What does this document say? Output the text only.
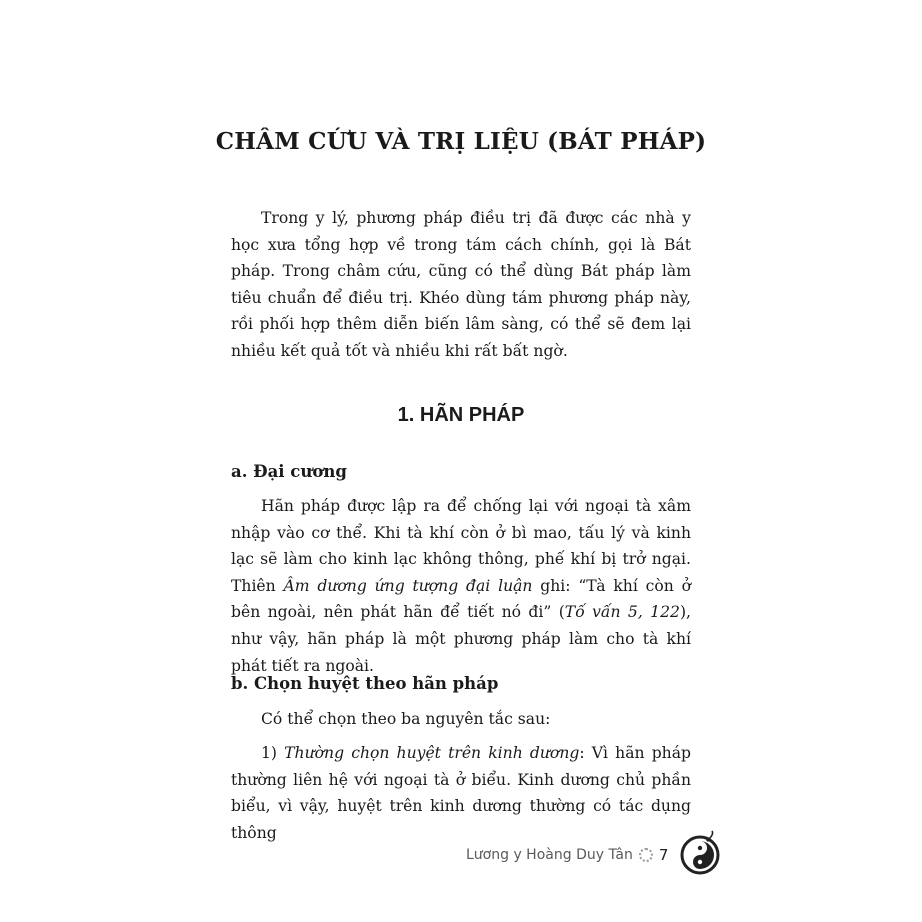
CHÂM CỨU VÀ TRỊ LIỆU (BÁT PHÁP)

Trong y lý, phương pháp điều trị đã được các nhà y học xưa tổng hợp về trong tám cách chính, gọi là Bát pháp. Trong châm cứu, cũng có thể dùng Bát pháp làm tiêu chuẩn để điều trị. Khéo dùng tám phương pháp này, rồi phối hợp thêm diễn biến lâm sàng, có thể sẽ đem lại nhiều kết quả tốt và nhiều khi rất bất ngờ.

1. HÃN PHÁP
a. Đại cương

Hãn pháp được lập ra để chống lại với ngoại tà xâm nhập vào cơ thể. Khi tà khí còn ở bì mao, tấu lý và kinh lạc sẽ làm cho kinh lạc không thông, phế khí bị trở ngại. Thiên Âm dương ứng tượng đại luận ghi: “Tà khí còn ở bên ngoài, nên phát hãn để tiết nó đi” (Tố vấn 5, 122), như vậy, hãn pháp là một phương pháp làm cho tà khí phát tiết ra ngoài.

b. Chọn huyệt theo hãn pháp

Có thể chọn theo ba nguyên tắc sau:

1) Thường chọn huyệt trên kinh dương: Vì hãn pháp thường liên hệ với ngoại tà ở biểu. Kinh dương chủ phần biểu, vì vậy, huyệt trên kinh dương thường có tác dụng thông

Lương y Hoàng Duy Tân 7
